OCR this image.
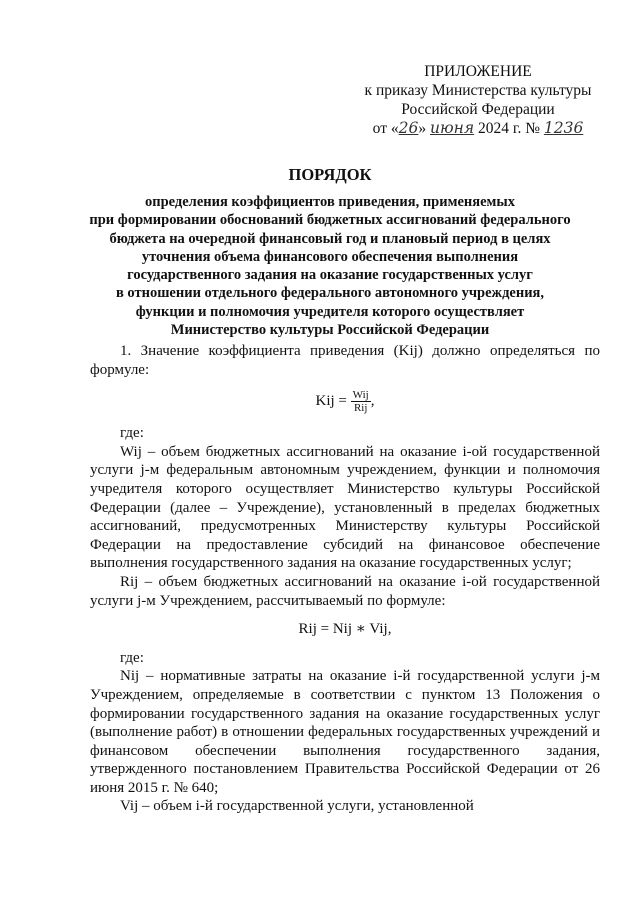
ПРИЛОЖЕНИЕ
к приказу Министерства культуры
Российской Федерации
от «26» июня 2024 г. № 1236
ПОРЯДОК
определения коэффициентов приведения, применяемых
при формировании обоснований бюджетных ассигнований федерального
бюджета на очередной финансовый год и плановый период в целях
уточнения объема финансового обеспечения выполнения
государственного задания на оказание государственных услуг
в отношении отдельного федерального автономного учреждения,
функции и полномочия учредителя которого осуществляет
Министерство культуры Российской Федерации

1. Значение коэффициента приведения (Kij) должно определяться по формуле:

Kij = $\frac{\text{Wij}}{\text{Rij}}$ ,

где:

Wij – объем бюджетных ассигнований на оказание i-ой государственной услуги j-м федеральным автономным учреждением, функции и полномочия учредителя которого осуществляет Министерство культуры Российской Федерации (далее – Учреждение), установленный в пределах бюджетных ассигнований, предусмотренных Министерству культуры Российской Федерации на предоставление субсидий на финансовое обеспечение выполнения государственного задания на оказание государственных услуг;

Rij – объем бюджетных ассигнований на оказание i-ой государственной услуги j-м Учреждением, рассчитываемый по формуле:

Rij = Nij ∗ Vij,

где:

Nij – нормативные затраты на оказание i-й государственной услуги j-м Учреждением, определяемые в соответствии с пунктом 13 Положения о формировании государственного задания на оказание государственных услуг (выполнение работ) в отношении федеральных государственных учреждений и финансовом обеспечении выполнения государственного задания, утвержденного постановлением Правительства Российской Федерации от 26 июня 2015 г. № 640;

Vij – объем i-й государственной услуги, установленной
